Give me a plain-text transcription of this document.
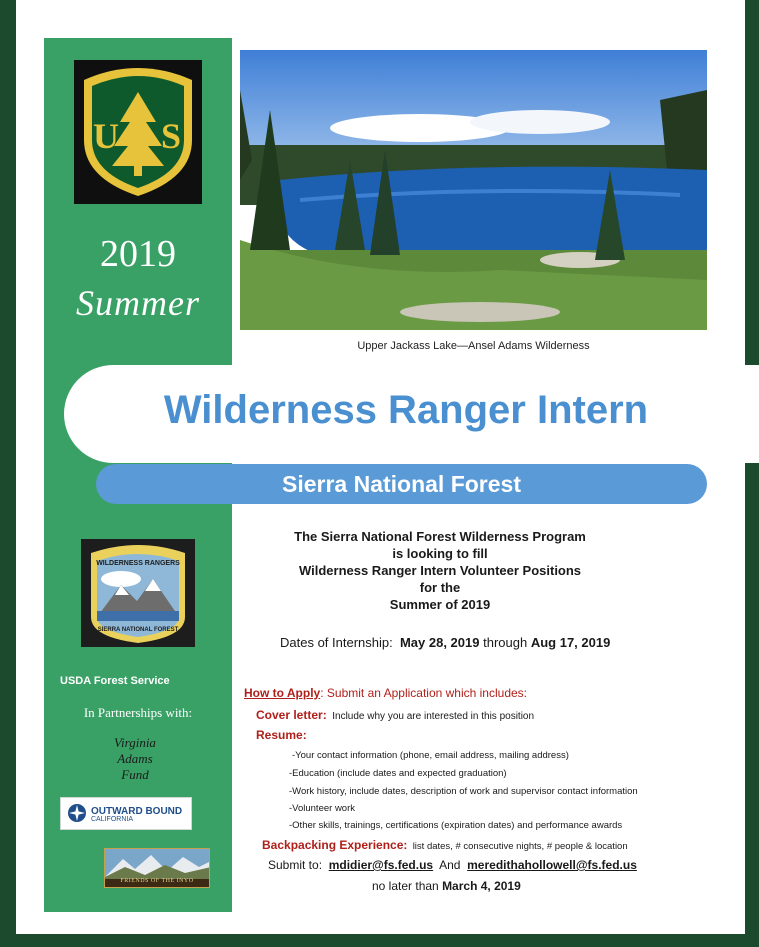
U S
2019
Summer
Upper Jackass Lake—Ansel Adams Wilderness
Wilderness Ranger Intern
Sierra National Forest
WILDERNESS RANGERS
SIERRA NATIONAL FOREST
USDA Forest Service
In Partnerships with:
Virginia
Adams
Fund
OUTWARD BOUND
CALIFORNIA
FRIENDS OF THE INYO
The Sierra National Forest Wilderness Program
is looking to fill
Wilderness Ranger Intern Volunteer Positions
for the
Summer of 2019
Dates of Internship: May 28, 2019 through Aug 17, 2019
How to Apply: Submit an Application which includes:
Cover letter: Include why you are interested in this position
Resume:
-Your contact information (phone, email address, mailing address)
-Education (include dates and expected graduation)
-Work history, include dates, description of work and supervisor contact information
-Volunteer work
-Other skills, trainings, certifications (expiration dates) and performance awards
Backpacking Experience: list dates, # consecutive nights, # people & location
Submit to: mdidier@fs.fed.us And meredithahollowell@fs.fed.us
no later than March 4, 2019
